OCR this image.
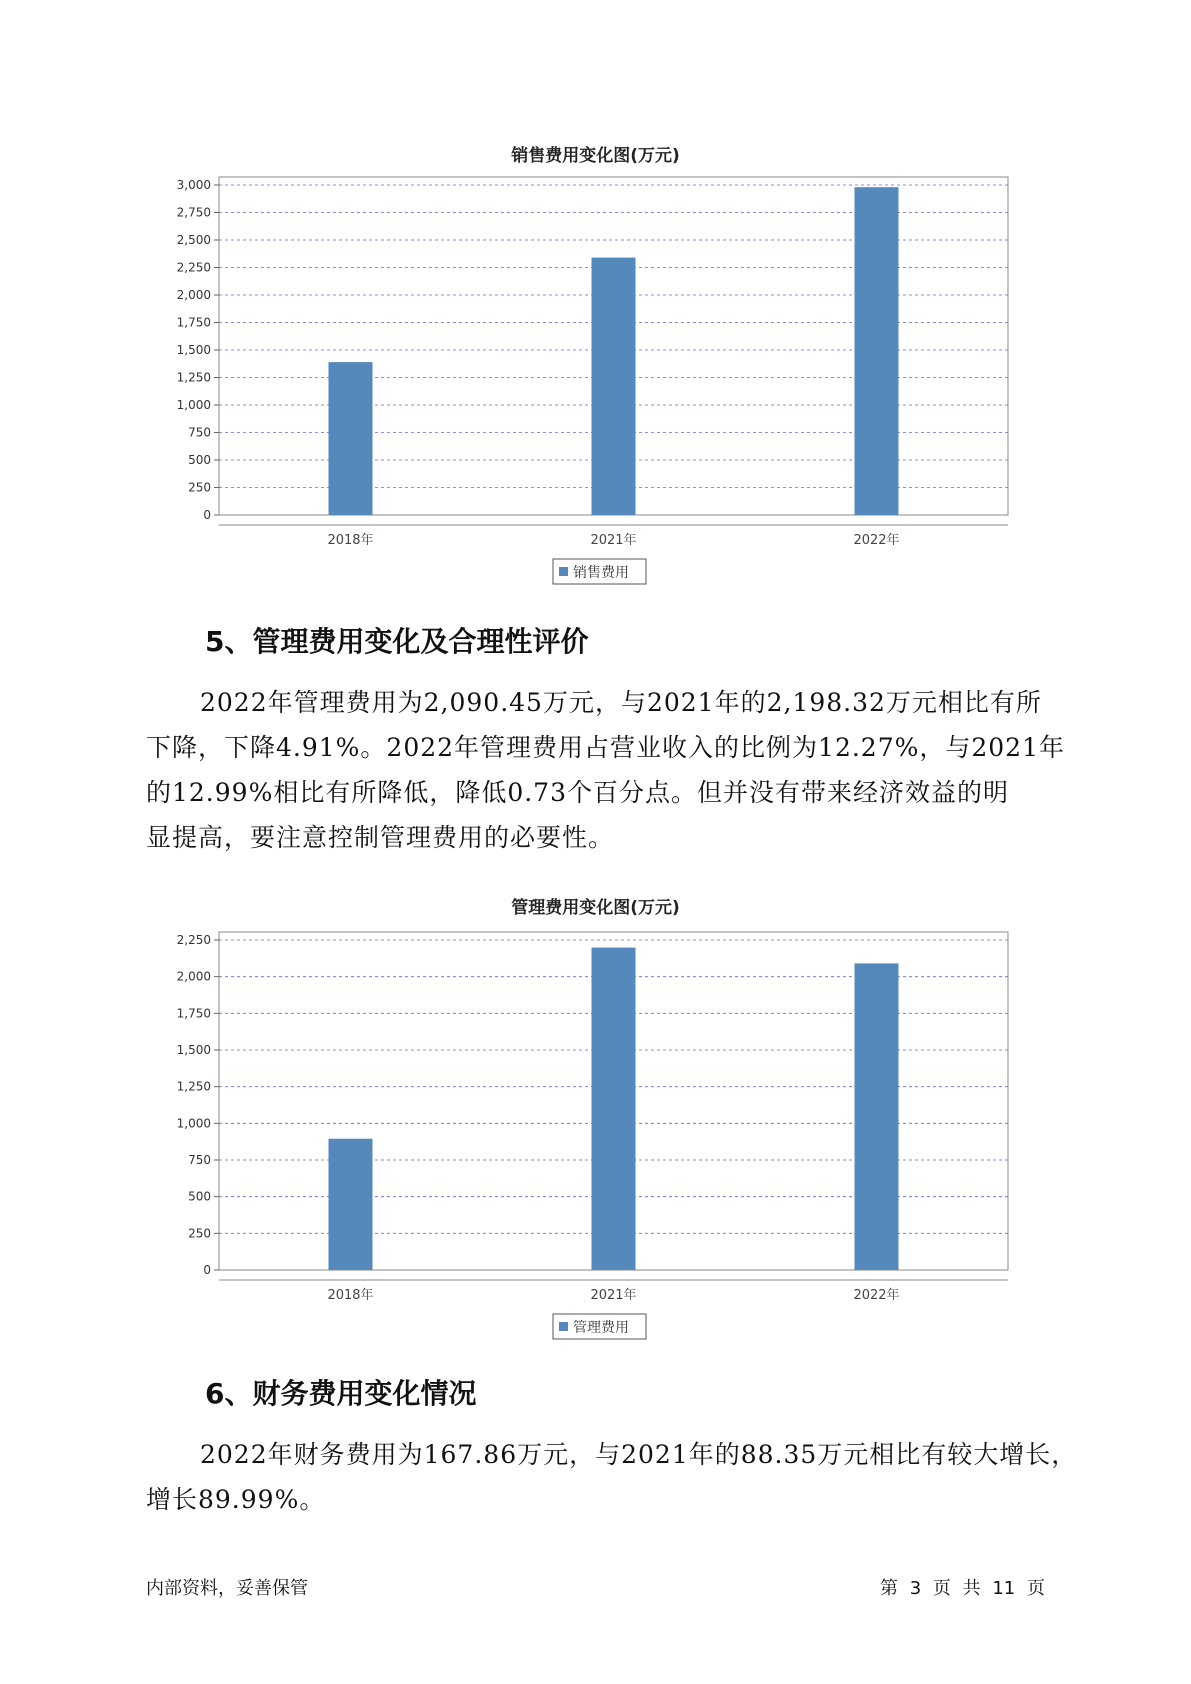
销售费用变化图(万元)
0
250
500
750
1,000
1,250
1,500
1,750
2,000
2,250
2,500
2,750
3,000
2018年	2021年	2022年
销售费用
5、管理费用变化及合理性评价
2022年管理费用为2,090.45万元，与2021年的2,198.32万元相比有所
下降，下降4.91%。2022年管理费用占营业收入的比例为12.27%，与2021年
的12.99%相比有所降低，降低0.73个百分点。但并没有带来经济效益的明
显提高，要注意控制管理费用的必要性。
管理费用变化图(万元)
0
250
500
750
1,000
1,250
1,500
1,750
2,000
2,250
2018年	2021年	2022年
管理费用
6、财务费用变化情况
2022年财务费用为167.86万元，与2021年的88.35万元相比有较大增长，
增长89.99%。
内部资料，妥善保管	第 3 页 共 11 页
